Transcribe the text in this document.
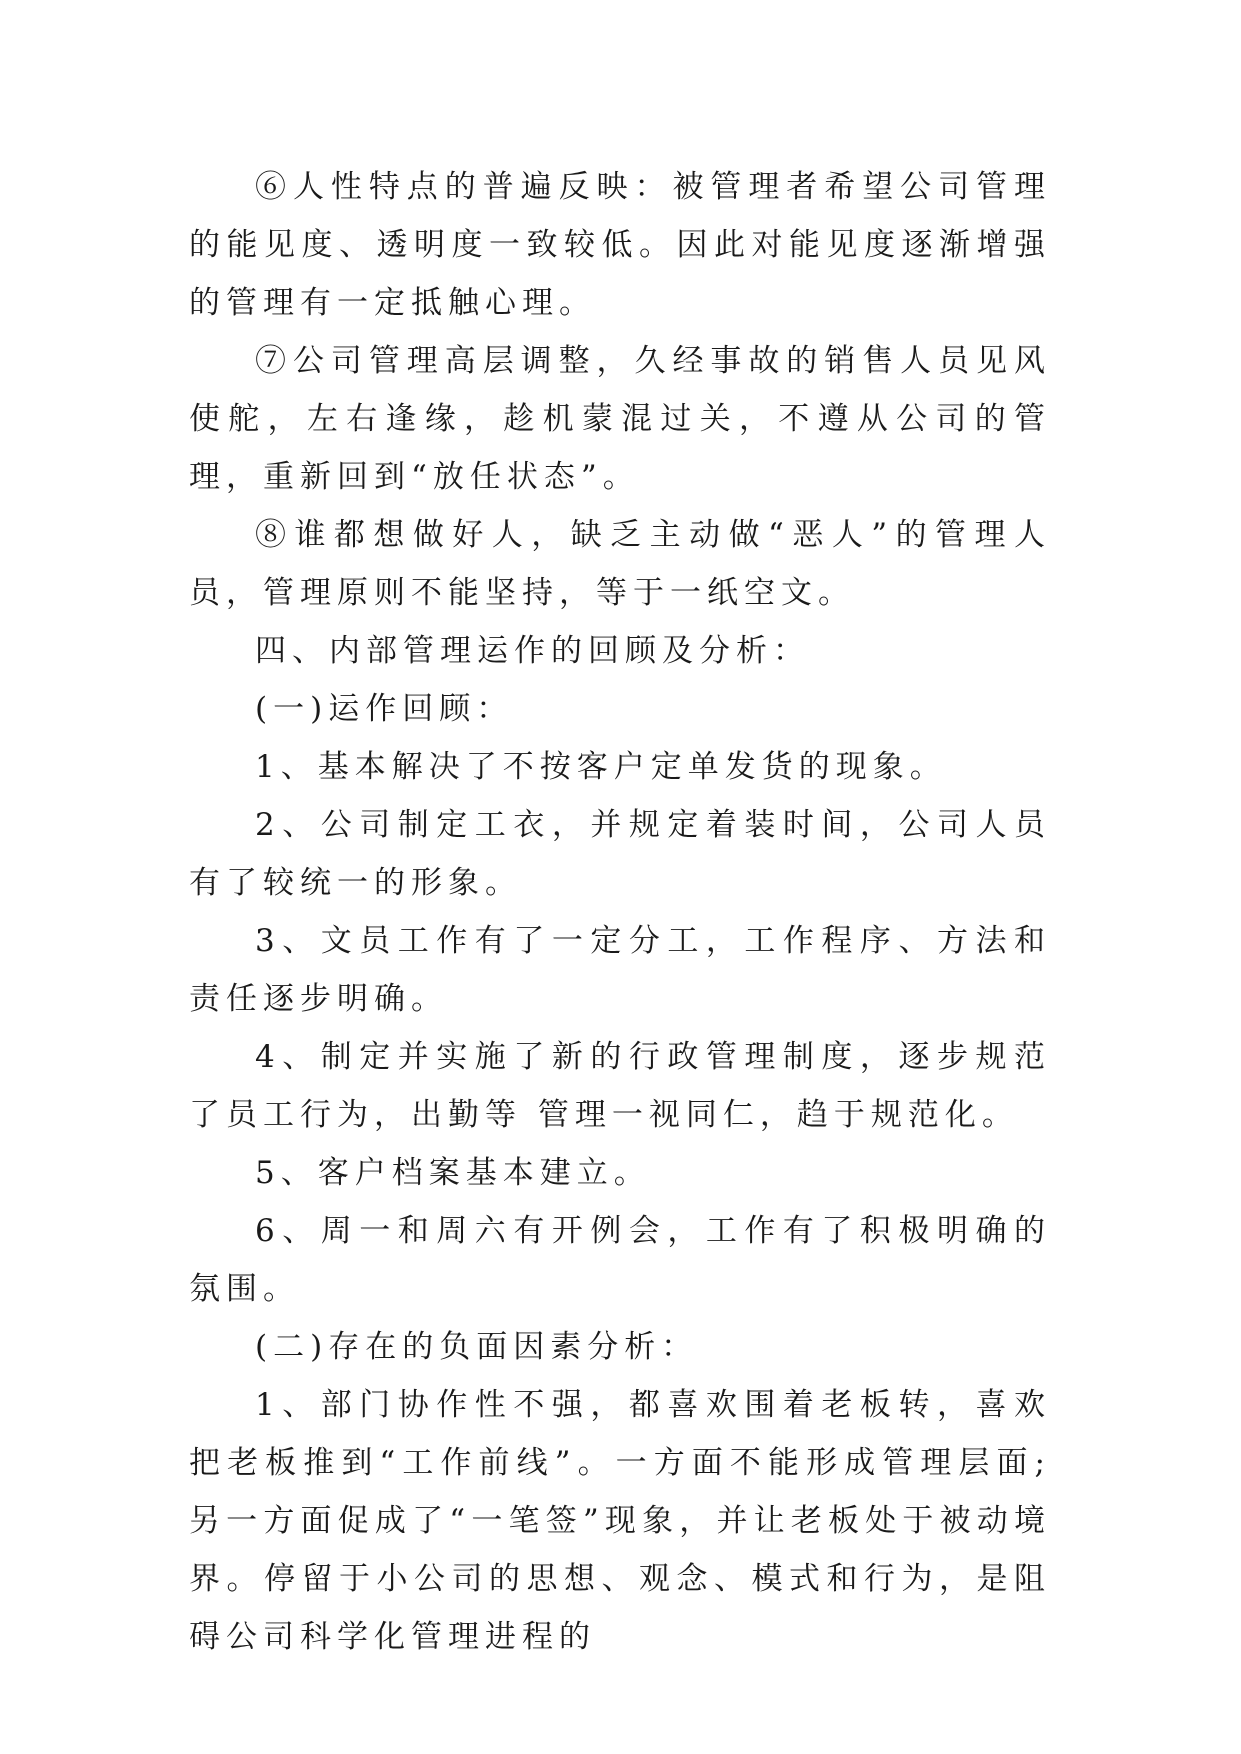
⑥人性特点的普遍反映：被管理者希望公司管理的能见度、透明度一致较低。因此对能见度逐渐增强的管理有一定抵触心理。

⑦公司管理高层调整，久经事故的销售人员见风使舵，左右逢缘，趁机蒙混过关，不遵从公司的管理，重新回到“放任状态”。

⑧谁都想做好人，缺乏主动做“恶人”的管理人员，管理原则不能坚持，等于一纸空文。

四、内部管理运作的回顾及分析：

(一)运作回顾：

1、基本解决了不按客户定单发货的现象。

2、公司制定工衣，并规定着装时间，公司人员有了较统一的形象。

3、文员工作有了一定分工，工作程序、方法和责任逐步明确。

4、制定并实施了新的行政管理制度，逐步规范了员工行为，出勤等 管理一视同仁，趋于规范化。

5、客户档案基本建立。

6、周一和周六有开例会，工作有了积极明确的氛围。

(二)存在的负面因素分析：

1、部门协作性不强，都喜欢围着老板转，喜欢把老板推到“工作前线”。一方面不能形成管理层面;另一方面促成了“一笔签”现象，并让老板处于被动境界。停留于小公司的思想、观念、模式和行为，是阻碍公司科学化管理进程的
